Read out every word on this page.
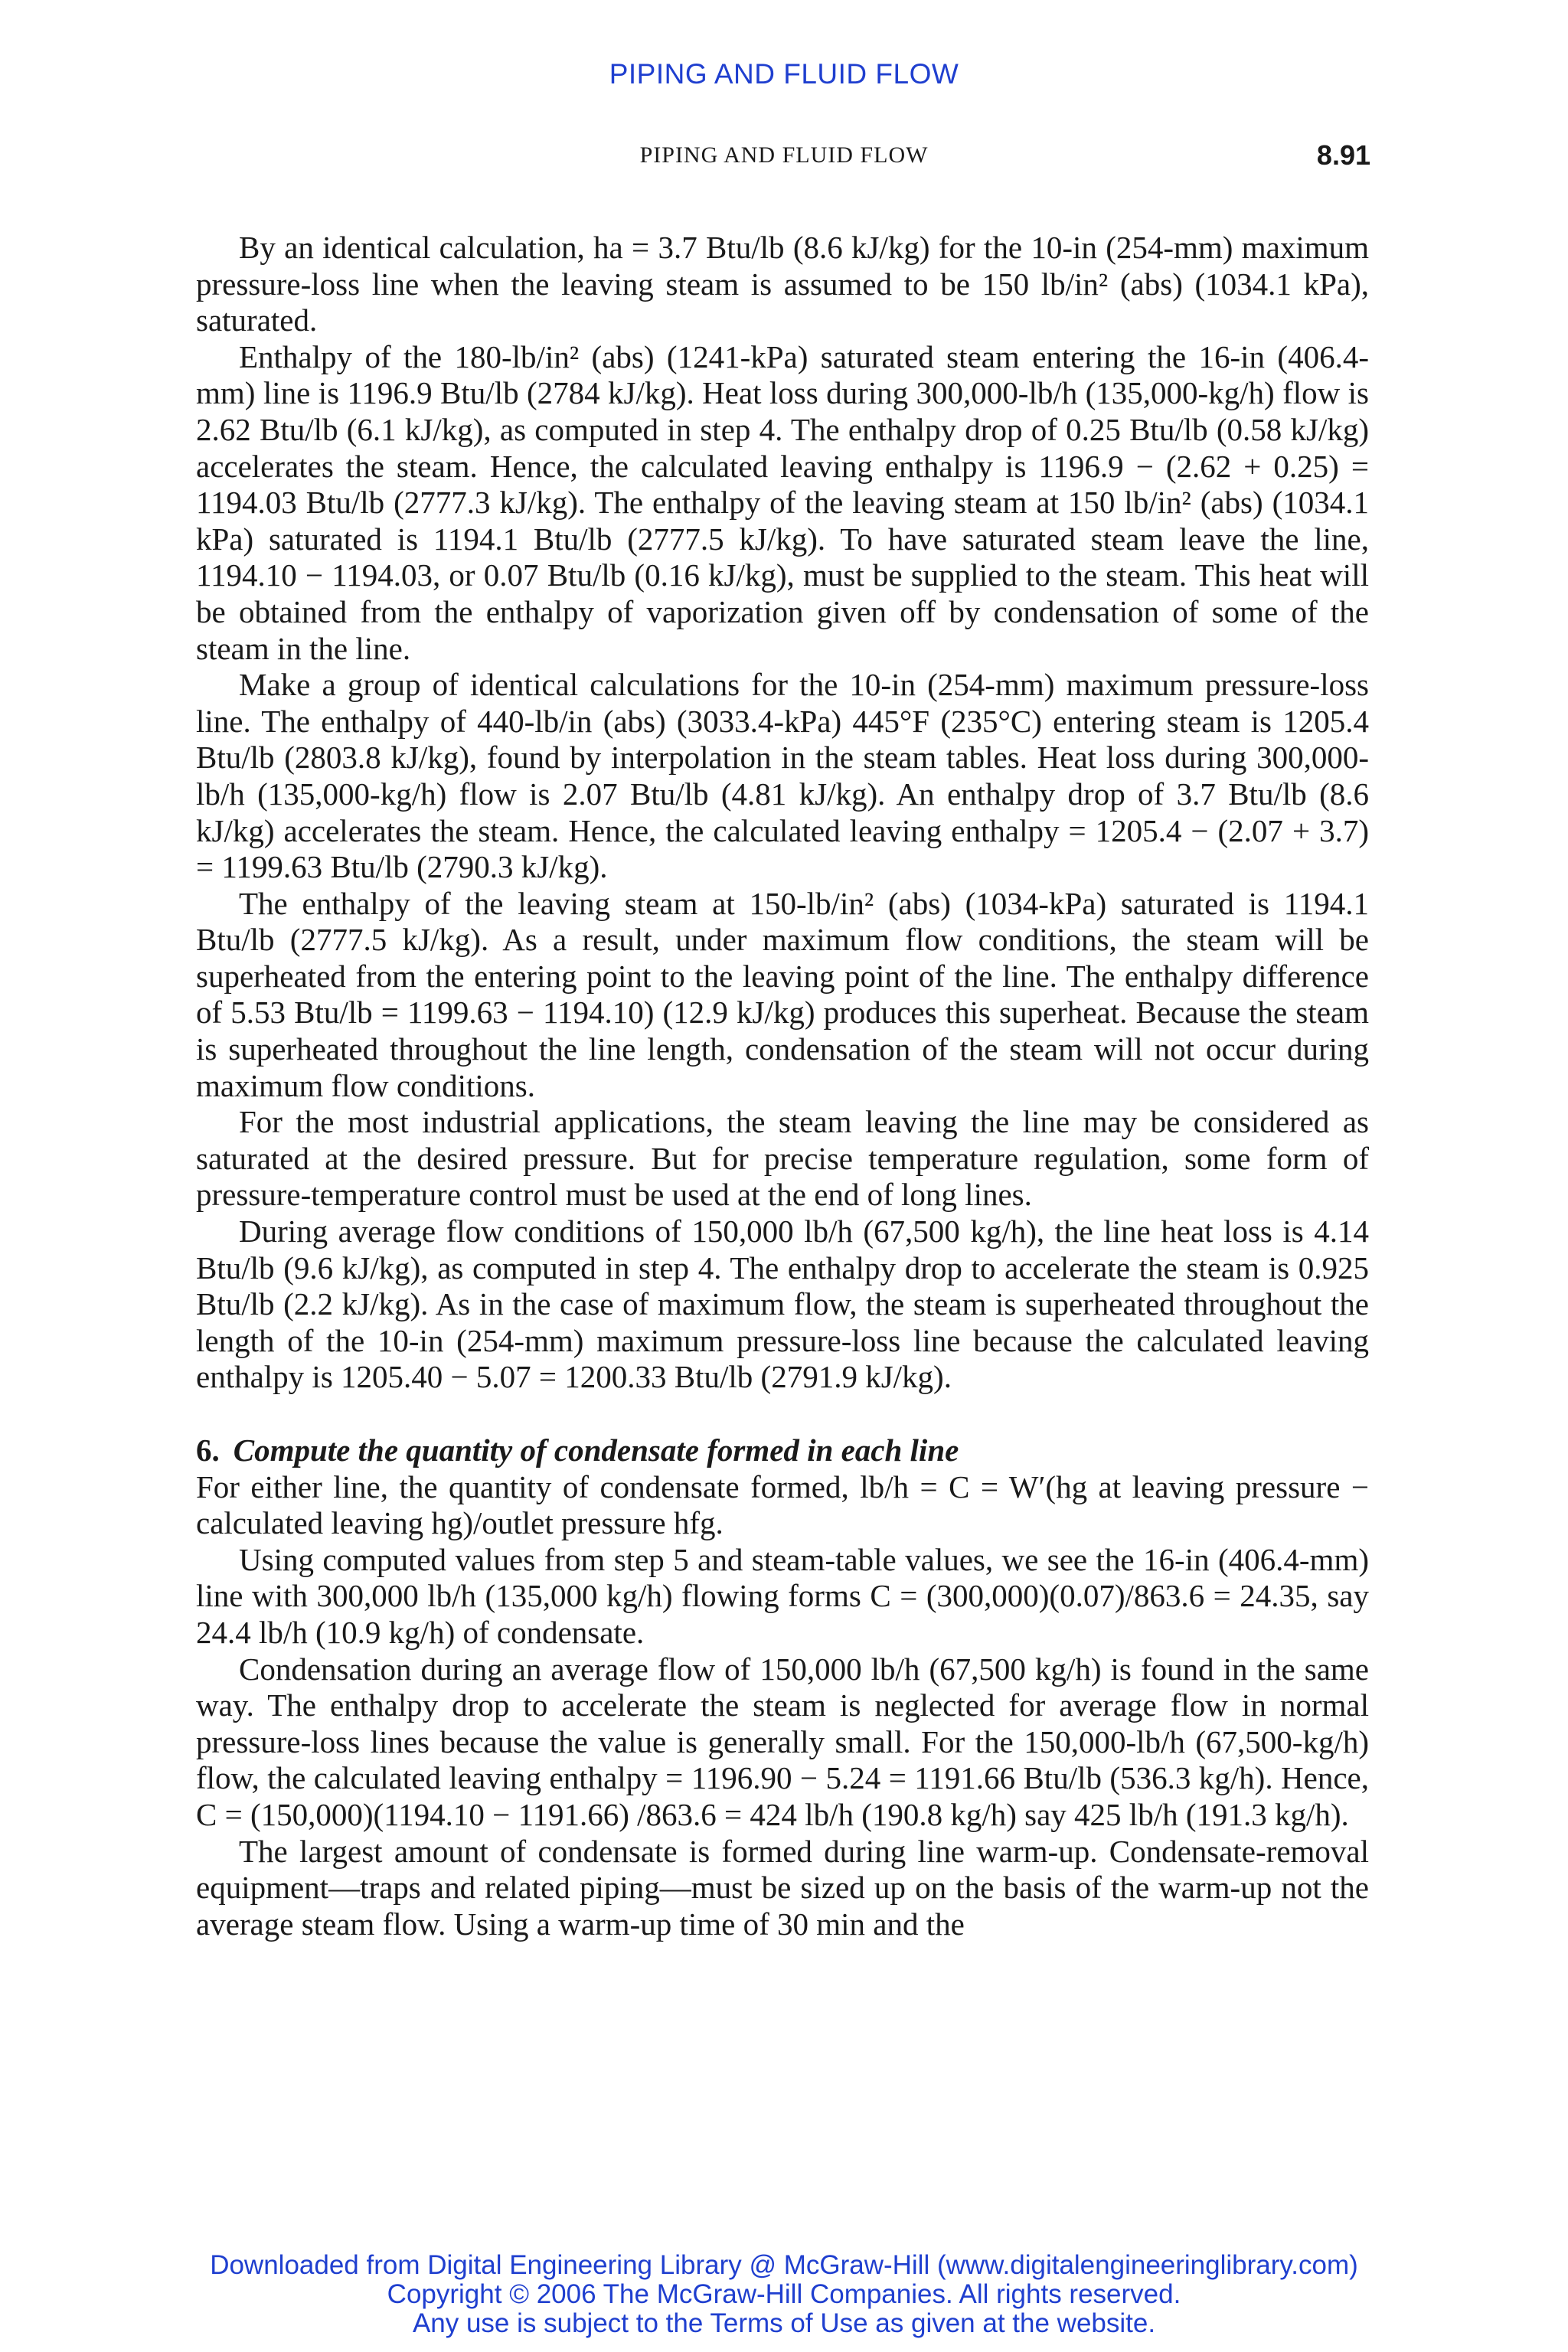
PIPING AND FLUID FLOW
PIPING AND FLUID FLOW	8.91

By an identical calculation, ha = 3.7 Btu/lb (8.6 kJ/kg) for the 10-in (254-mm) maximum pressure-loss line when the leaving steam is assumed to be 150 lb/in² (abs) (1034.1 kPa), saturated.

Enthalpy of the 180-lb/in² (abs) (1241-kPa) saturated steam entering the 16-in (406.4-mm) line is 1196.9 Btu/lb (2784 kJ/kg). Heat loss during 300,000-lb/h (135,000-kg/h) flow is 2.62 Btu/lb (6.1 kJ/kg), as computed in step 4. The enthalpy drop of 0.25 Btu/lb (0.58 kJ/kg) accelerates the steam. Hence, the calculated leaving enthalpy is 1196.9 − (2.62 + 0.25) = 1194.03 Btu/lb (2777.3 kJ/kg). The enthalpy of the leaving steam at 150 lb/in² (abs) (1034.1 kPa) saturated is 1194.1 Btu/lb (2777.5 kJ/kg). To have saturated steam leave the line, 1194.10 − 1194.03, or 0.07 Btu/lb (0.16 kJ/kg), must be supplied to the steam. This heat will be obtained from the enthalpy of vaporization given off by condensation of some of the steam in the line.

Make a group of identical calculations for the 10-in (254-mm) maximum pressure-loss line. The enthalpy of 440-lb/in (abs) (3033.4-kPa) 445°F (235°C) entering steam is 1205.4 Btu/lb (2803.8 kJ/kg), found by interpolation in the steam tables. Heat loss during 300,000-lb/h (135,000-kg/h) flow is 2.07 Btu/lb (4.81 kJ/kg). An enthalpy drop of 3.7 Btu/lb (8.6 kJ/kg) accelerates the steam. Hence, the calculated leaving enthalpy = 1205.4 − (2.07 + 3.7) = 1199.63 Btu/lb (2790.3 kJ/kg).

The enthalpy of the leaving steam at 150-lb/in² (abs) (1034-kPa) saturated is 1194.1 Btu/lb (2777.5 kJ/kg). As a result, under maximum flow conditions, the steam will be superheated from the entering point to the leaving point of the line. The enthalpy difference of 5.53 Btu/lb = 1199.63 − 1194.10) (12.9 kJ/kg) produces this superheat. Because the steam is superheated throughout the line length, condensation of the steam will not occur during maximum flow conditions.

For the most industrial applications, the steam leaving the line may be considered as saturated at the desired pressure. But for precise temperature regulation, some form of pressure-temperature control must be used at the end of long lines.

During average flow conditions of 150,000 lb/h (67,500 kg/h), the line heat loss is 4.14 Btu/lb (9.6 kJ/kg), as computed in step 4. The enthalpy drop to accelerate the steam is 0.925 Btu/lb (2.2 kJ/kg). As in the case of maximum flow, the steam is superheated throughout the length of the 10-in (254-mm) maximum pressure-loss line because the calculated leaving enthalpy is 1205.40 − 5.07 = 1200.33 Btu/lb (2791.9 kJ/kg).

6. Compute the quantity of condensate formed in each line

For either line, the quantity of condensate formed, lb/h = C = W′(hg at leaving pressure − calculated leaving hg)/outlet pressure hfg.

Using computed values from step 5 and steam-table values, we see the 16-in (406.4-mm) line with 300,000 lb/h (135,000 kg/h) flowing forms C = (300,000)(0.07)/863.6 = 24.35, say 24.4 lb/h (10.9 kg/h) of condensate.

Condensation during an average flow of 150,000 lb/h (67,500 kg/h) is found in the same way. The enthalpy drop to accelerate the steam is neglected for average flow in normal pressure-loss lines because the value is generally small. For the 150,000-lb/h (67,500-kg/h) flow, the calculated leaving enthalpy = 1196.90 − 5.24 = 1191.66 Btu/lb (536.3 kg/h). Hence, C = (150,000)(1194.10 − 1191.66) /863.6 = 424 lb/h (190.8 kg/h) say 425 lb/h (191.3 kg/h).

The largest amount of condensate is formed during line warm-up. Condensate-removal equipment—traps and related piping—must be sized up on the basis of the warm-up not the average steam flow. Using a warm-up time of 30 min and the

Downloaded from Digital Engineering Library @ McGraw-Hill (www.digitalengineeringlibrary.com)
Copyright © 2006 The McGraw-Hill Companies. All rights reserved.
Any use is subject to the Terms of Use as given at the website.
